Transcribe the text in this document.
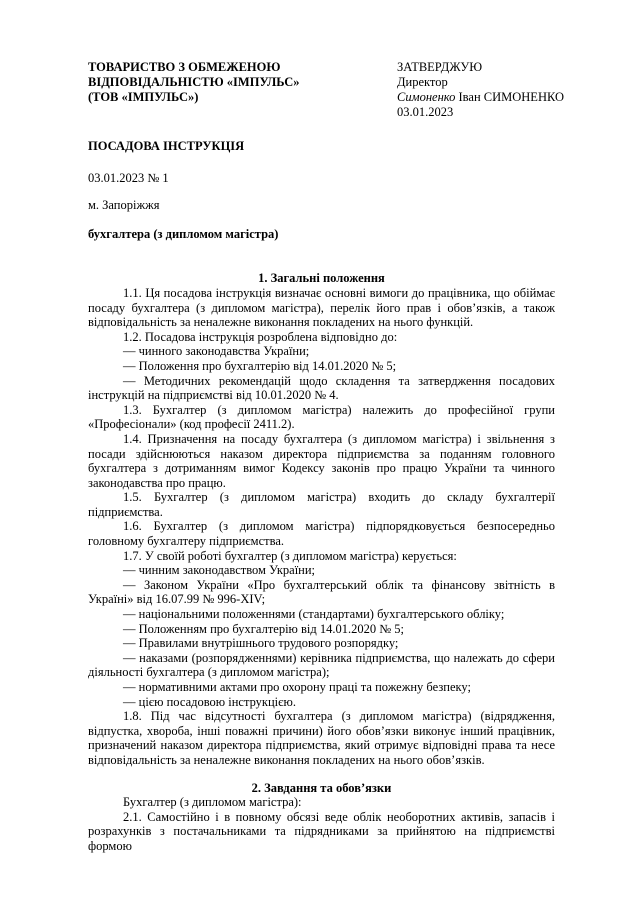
ТОВАРИСТВО З ОБМЕЖЕНОЮ
ВІДПОВІДАЛЬНІСТЮ «ІМПУЛЬС»
(ТОВ «ІМПУЛЬС»)
ЗАТВЕРДЖУЮ
Директор
Симоненко Іван СИМОНЕНКО
03.01.2023
ПОСАДОВА ІНСТРУКЦІЯ
03.01.2023 № 1
м. Запоріжжя
бухгалтера (з дипломом магістра)
1. Загальні положення

1.1. Ця посадова інструкція визначає основні вимоги до працівника, що обіймає посаду бухгалтера (з дипломом магістра), перелік його прав і обов’язків, а також відповідальність за неналежне виконання покладених на нього функцій.

1.2. Посадова інструкція розроблена відповідно до:

— чинного законодавства України;

— Положення про бухгалтерію від 14.01.2020 № 5;

— Методичних рекомендацій щодо складення та затвердження посадових інструкцій на підприємстві від 10.01.2020 № 4.

1.3. Бухгалтер (з дипломом магістра) належить до професійної групи «Професіонали» (код професії 2411.2).

1.4. Призначення на посаду бухгалтера (з дипломом магістра) і звільнення з посади здійснюються наказом директора підприємства за поданням головного бухгалтера з дотриманням вимог Кодексу законів про працю України та чинного законодавства про працю.

1.5. Бухгалтер (з дипломом магістра) входить до складу бухгалтерії підприємства.

1.6. Бухгалтер (з дипломом магістра) підпорядковується безпосередньо головному бухгалтеру підприємства.

1.7. У своїй роботі бухгалтер (з дипломом магістра) керується:

— чинним законодавством України;

— Законом України «Про бухгалтерський облік та фінансову звітність в Україні» від 16.07.99 № 996-XIV;

— національними положеннями (стандартами) бухгалтерського обліку;

— Положенням про бухгалтерію від 14.01.2020 № 5;

— Правилами внутрішнього трудового розпорядку;

— наказами (розпорядженнями) керівника підприємства, що належать до сфери діяльності бухгалтера (з дипломом магістра);

— нормативними актами про охорону праці та пожежну безпеку;

— цією посадовою інструкцією.

1.8. Під час відсутності бухгалтера (з дипломом магістра) (відрядження, відпустка, хвороба, інші поважні причини) його обов’язки виконує інший працівник, призначений наказом директора підприємства, який отримує відповідні права та несе відповідальність за неналежне виконання покладених на нього обов’язків.

2. Завдання та обов’язки

Бухгалтер (з дипломом магістра):

2.1. Самостійно і в повному обсязі веде облік необоротних активів, запасів і розрахунків з постачальниками та підрядниками за прийнятою на підприємстві формою
